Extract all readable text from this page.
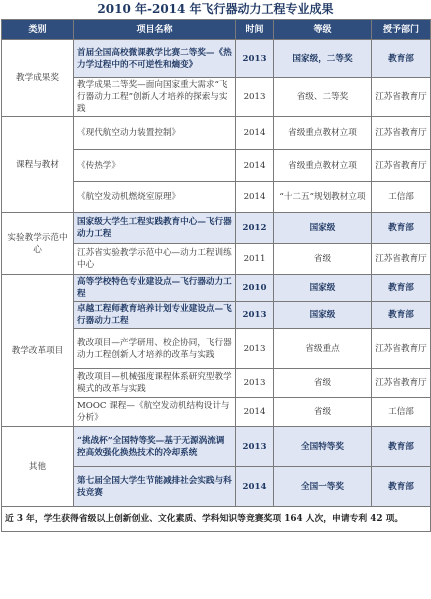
2010 年-2014 年飞行器动力工程专业成果
类别	项目名称	时间	等级	授予部门
教学成果奖	首届全国高校微课教学比赛二等奖—《热力学过程中的不可逆性和熵变》	2013	国家级，二等奖	教育部
	教学成果二等奖—面向国家重大需求“飞行器动力工程”创新人才培养的探索与实践	2013	省级、二等奖	江苏省教育厅
课程与教材	《现代航空动力装置控制》	2014	省级重点教材立项	江苏省教育厅
	《传热学》	2014	省级重点教材立项	江苏省教育厅
	《航空发动机燃烧室原理》	2014	“十二五”规划教材立项	工信部
实验教学示范中心	国家级大学生工程实践教育中心—飞行器动力工程	2012	国家级	教育部
	江苏省实验教学示范中心—动力工程训练中心	2011	省级	江苏省教育厅
教学改革项目	高等学校特色专业建设点—飞行器动力工程	2010	国家级	教育部
	卓越工程师教育培养计划专业建设点—飞行器动力工程	2013	国家级	教育部
	教改项目—产学研用、校企协同，飞行器动力工程创新人才培养的改革与实践	2013	省级重点	江苏省教育厅
	教改项目—机械强度课程体系研究型教学模式的改革与实践	2013	省级	江苏省教育厅
	MOOC 课程—《航空发动机结构设计与分析》	2014	省级	工信部
其他	“挑战杯”全国特等奖—基于无源涡流调控高效强化换热技术的冷却系统	2013	全国特等奖	教育部
	第七届全国大学生节能减排社会实践与科技竞赛	2014	全国一等奖	教育部
近 3 年，学生获得省级以上创新创业、文化素质、学科知识等竞赛奖项 164 人次，申请专利 42 项。				
